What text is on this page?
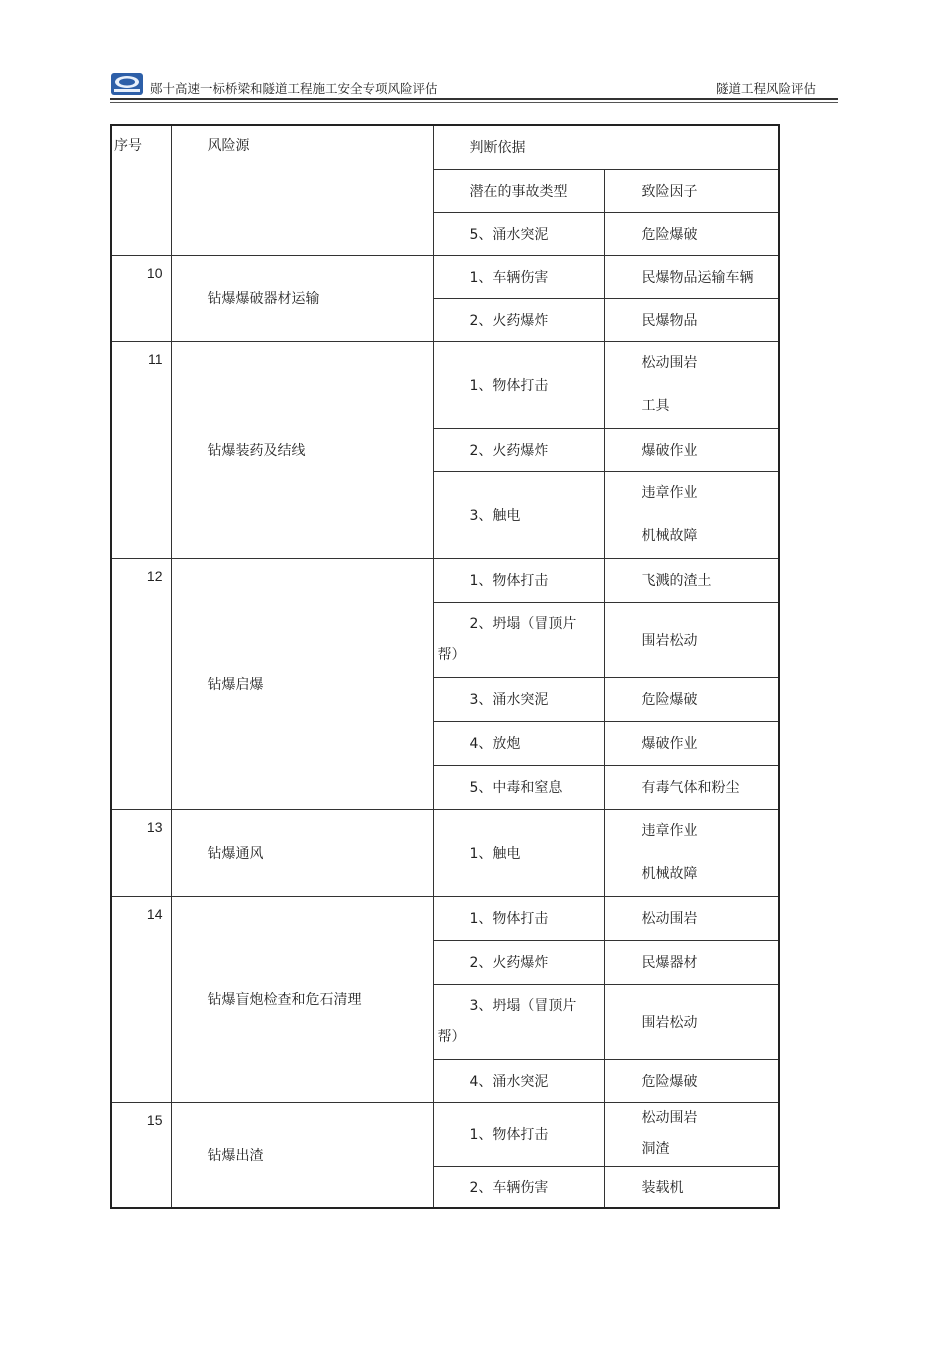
郧十高速一标桥梁和隧道工程施工安全专项风险评估	隧道工程风险评估
序号	风险源	判断依据	
		潜在的事故类型	致险因子
		5、涌水突泥	危险爆破
10	钻爆爆破器材运输	1、车辆伤害	民爆物品运输车辆
		2、火药爆炸	民爆物品
11	钻爆装药及结线	1、物体打击	松动围岩
工具

		2、火药爆炸	爆破作业
		3、触电	违章作业
机械故障

12	钻爆启爆	1、物体打击	飞溅的渣土
		2、坍塌（冒顶片
帮）	围岩松动
		3、涌水突泥	危险爆破
		4、放炮	爆破作业
		5、中毒和窒息	有毒气体和粉尘
13	钻爆通风	1、触电	违章作业
机械故障

14	钻爆盲炮检查和危石清理	1、物体打击	松动围岩
		2、火药爆炸	民爆器材
		3、坍塌（冒顶片
帮）	围岩松动
		4、涌水突泥	危险爆破
15	钻爆出渣	1、物体打击	松动围岩
洞渣

		2、车辆伤害	装载机
